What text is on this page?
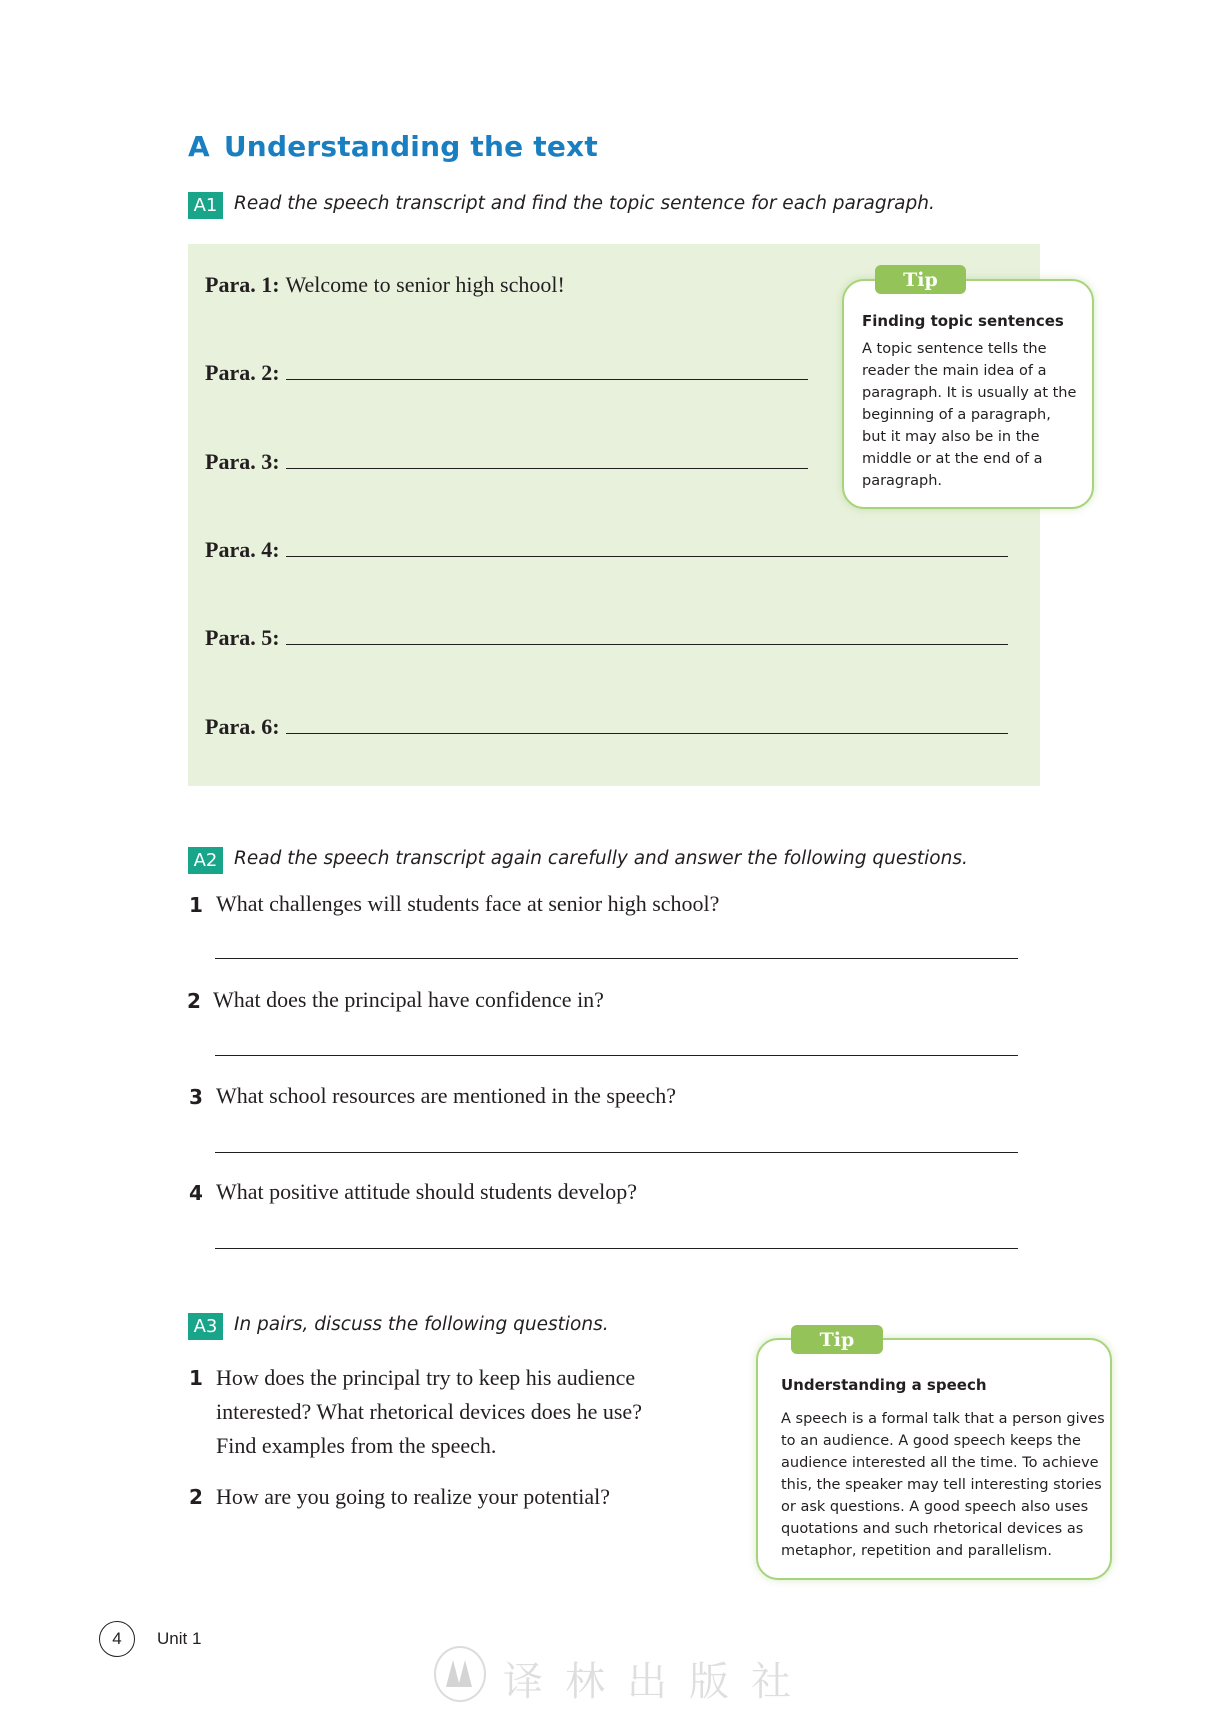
A Understanding the text
A1 Read the speech transcript and find the topic sentence for each paragraph.
Para. 1: Welcome to senior high school!
Para. 2:
Para. 3:
Para. 4:
Para. 5:
Para. 6:
Tip
Finding topic sentences
A topic sentence tells the
reader the main idea of a
paragraph. It is usually at the
beginning of a paragraph,
but it may also be in the
middle or at the end of a
paragraph.
A2 Read the speech transcript again carefully and answer the following questions.
1 What challenges will students face at senior high school?
2 What does the principal have confidence in?
3 What school resources are mentioned in the speech?
4 What positive attitude should students develop?
A3 In pairs, discuss the following questions.
1 How does the principal try to keep his audience
interested? What rhetorical devices does he use?
Find examples from the speech.
2 How are you going to realize your potential?
Tip
Understanding a speech
A speech is a formal talk that a person gives
to an audience. A good speech keeps the
audience interested all the time. To achieve
this, the speaker may tell interesting stories
or ask questions. A good speech also uses
quotations and such rhetorical devices as
metaphor, repetition and parallelism.
4	Unit 1
译林出版社
